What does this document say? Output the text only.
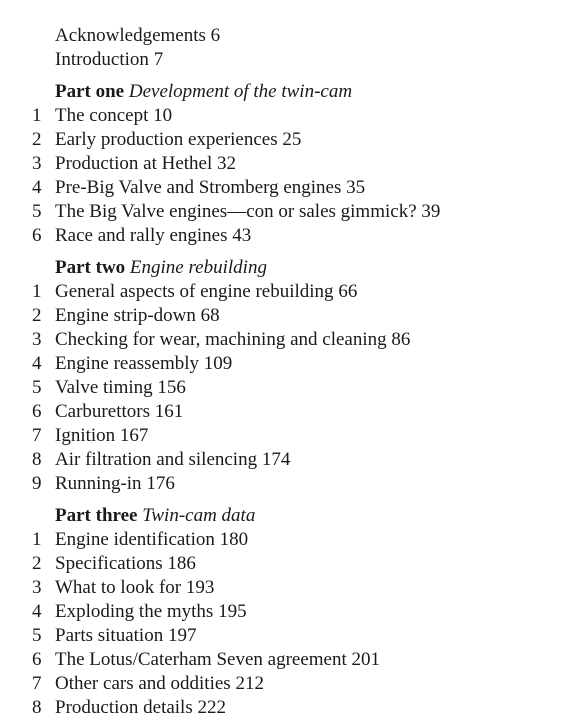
Acknowledgements 6
Introduction 7
Part one Development of the twin-cam
1 The concept 10
2 Early production experiences 25
3 Production at Hethel 32
4 Pre-Big Valve and Stromberg engines 35
5 The Big Valve engines—con or sales gimmick? 39
6 Race and rally engines 43
Part two Engine rebuilding
1 General aspects of engine rebuilding 66
2 Engine strip-down 68
3 Checking for wear, machining and cleaning 86
4 Engine reassembly 109
5 Valve timing 156
6 Carburettors 161
7 Ignition 167
8 Air filtration and silencing 174
9 Running-in 176
Part three Twin-cam data
1 Engine identification 180
2 Specifications 186
3 What to look for 193
4 Exploding the myths 195
5 Parts situation 197
6 The Lotus/Caterham Seven agreement 201
7 Other cars and oddities 212
8 Production details 222
